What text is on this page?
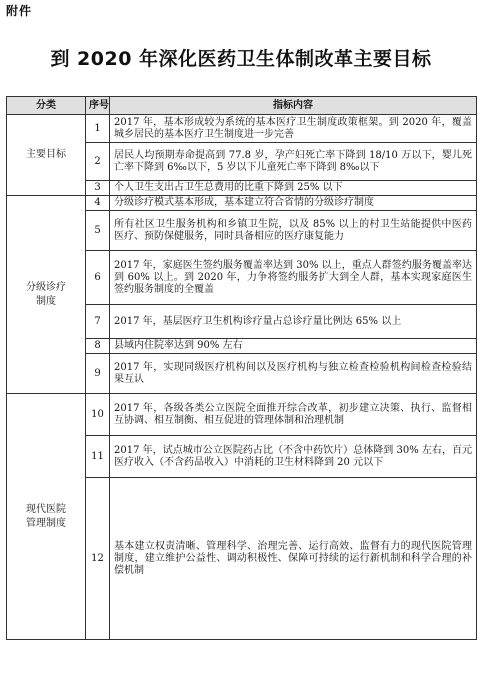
附件
到 2020 年深化医药卫生体制改革主要目标
分类	序号	指标内容
主要目标	1	2017 年，基本形成较为系统的基本医疗卫生制度政策框架。到 2020 年，覆盖城乡居民的基本医疗卫生制度进一步完善
	2	居民人均预期寿命提高到 77.8 岁，孕产妇死亡率下降到 18/10 万以下，婴儿死亡率下降到 6‰以下，5 岁以下儿童死亡率下降到 8‰以下
	3	个人卫生支出占卫生总费用的比重下降到 25% 以下
分级诊疗制度	4	分级诊疗模式基本形成，基本建立符合省情的分级诊疗制度
	5	所有社区卫生服务机构和乡镇卫生院，以及 85% 以上的村卫生站能提供中医药医疗、预防保健服务，同时具备相应的医疗康复能力
	6	2017 年，家庭医生签约服务覆盖率达到 30% 以上，重点人群签约服务覆盖率达到 60% 以上。到 2020 年，力争将签约服务扩大到全人群，基本实现家庭医生签约服务制度的全覆盖
	7	2017 年，基层医疗卫生机构诊疗量占总诊疗量比例达 65% 以上
	8	县域内住院率达到 90% 左右
	9	2017 年，实现同级医疗机构间以及医疗机构与独立检查检验机构间检查检验结果互认
现代医院管理制度	10	2017 年，各级各类公立医院全面推开综合改革，初步建立决策、执行、监督相互协调、相互制衡、相互促进的管理体制和治理机制
	11	2017 年，试点城市公立医院药占比（不含中药饮片）总体降到 30% 左右，百元医疗收入（不含药品收入）中消耗的卫生材料降到 20 元以下
	12	基本建立权责清晰、管理科学、治理完善、运行高效、监督有力的现代医院管理制度，建立维护公益性、调动积极性、保障可持续的运行新机制和科学合理的补偿机制
